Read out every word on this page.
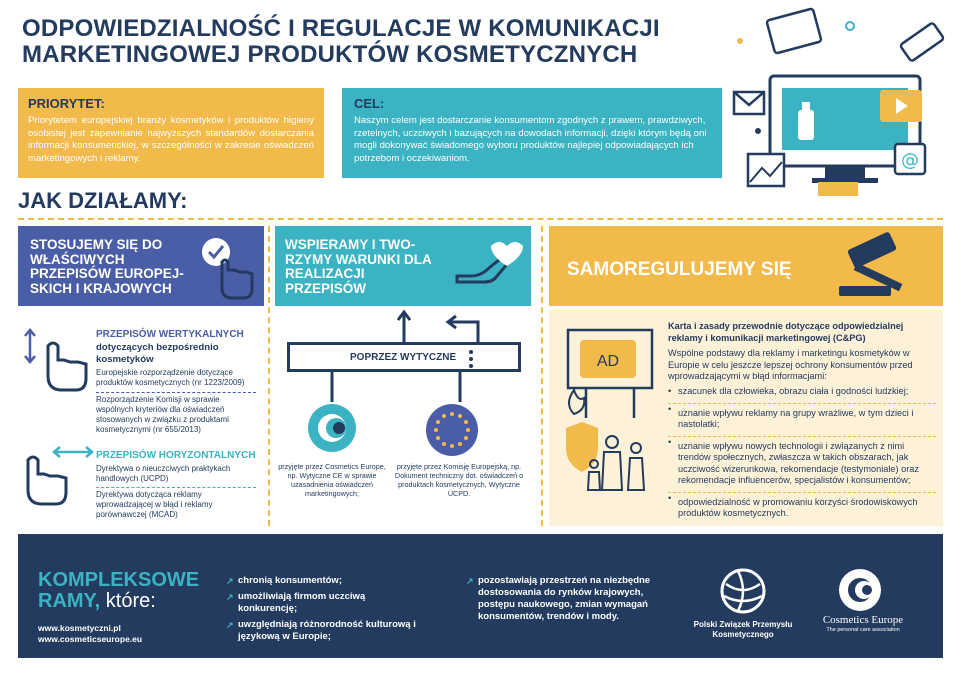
ODPOWIEDZIALNOŚĆ I REGULACJE W KOMUNIKACJI
MARKETINGOWEJ PRODUKTÓW KOSMETYCZNYCH
@
PRIORYTET:

Priorytetem europejskiej branży kosmetyków i produktów higieny osobistej jest zapewnianie najwyższych standardów dostarczania informacji konsumenckiej, w szczególności w zakresie oświadczeń marketingowych i reklamy.

CEL:

Naszym celem jest dostarczanie konsumentom zgodnych z prawem, prawdziwych, rzetelnych, uczciwych i bazujących na dowodach informacji, dzięki którym będą oni mogli dokonywać świadomego wyboru produktów najlepiej odpowiadających ich potrzebom i oczekiwaniom.

JAK DZIAŁAMY:
STOSUJEMY SIĘ DO WŁAŚCIWYCH PRZEPISÓW EUROPEJ-SKICH I KRAJOWYCH
WSPIERAMY I TWO-RZYMY WARUNKI DLA REALIZACJI PRZEPISÓW
SAMOREGULUJEMY SIĘ
PRZEPISÓW WERTYKALNYCH
dotyczących bezpośrednio kosmetyków
Europejskie rozporządzenie dotyczące produktów kosmetycznych (nr 1223/2009)
Rozporządzenie Komisji w sprawie wspólnych kryteriów dla oświadczeń stosowanych w związku z produktami kosmetycznymi (nr 655/2013)
PRZEPISÓW HORYZONTALNYCH
Dyrektywa o nieuczciwych praktykach handlowych (UCPD)
Dyrektywa dotycząca reklamy wprowadzającej w błąd i reklamy porównawczej (MCAD)
POPRZEZ WYTYCZNE
przyjęte przez Cosmetics Europe, np. Wytyczne CE w sprawie uzasadnienia oświadczeń marketingowych;
przyjęte przez Komisję Europejską, np. Dokument techniczny dot. oświadczeń o produktach kosmetycznych, Wytyczne UCPD.
AD
Karta i zasady przewodnie dotyczące odpowiedzialnej reklamy i komunikacji marketingowej (C&PG)
Wspólne podstawy dla reklamy i marketingu kosmetyków w Europie w celu jeszcze lepszej ochrony konsumentów przed wprowadzającymi w błąd informacjami:
• szacunek dla człowieka, obrazu ciała i godności ludzkiej;
• uznanie wpływu reklamy na grupy wrażliwe, w tym dzieci i nastolatki;
• uznanie wpływu nowych technologii i związanych z nimi trendów społecznych, zwłaszcza w takich obszarach, jak uczciwość wizerunkowa, rekomendacje (testymoniale) oraz rekomendacje influencerów, specjalistów i konsumentów;
• odpowiedzialność w promowaniu korzyści środowiskowych produktów kosmetycznych.
KOMPLEKSOWE
RAMY, które:
www.kosmetyczni.pl
www.cosmeticseurope.eu
↗ chronią konsumentów;
↗ umożliwiają firmom uczciwą konkurencję;
↗ uwzględniają różnorodność kulturową i językową w Europie;
↗ pozostawiają przestrzeń na niezbędne dostosowania do rynków krajowych, postępu naukowego, zmian wymagań konsumentów, trendów i mody.
Polski Związek Przemysłu Kosmetycznego
Cosmetics Europe
The personal care association
